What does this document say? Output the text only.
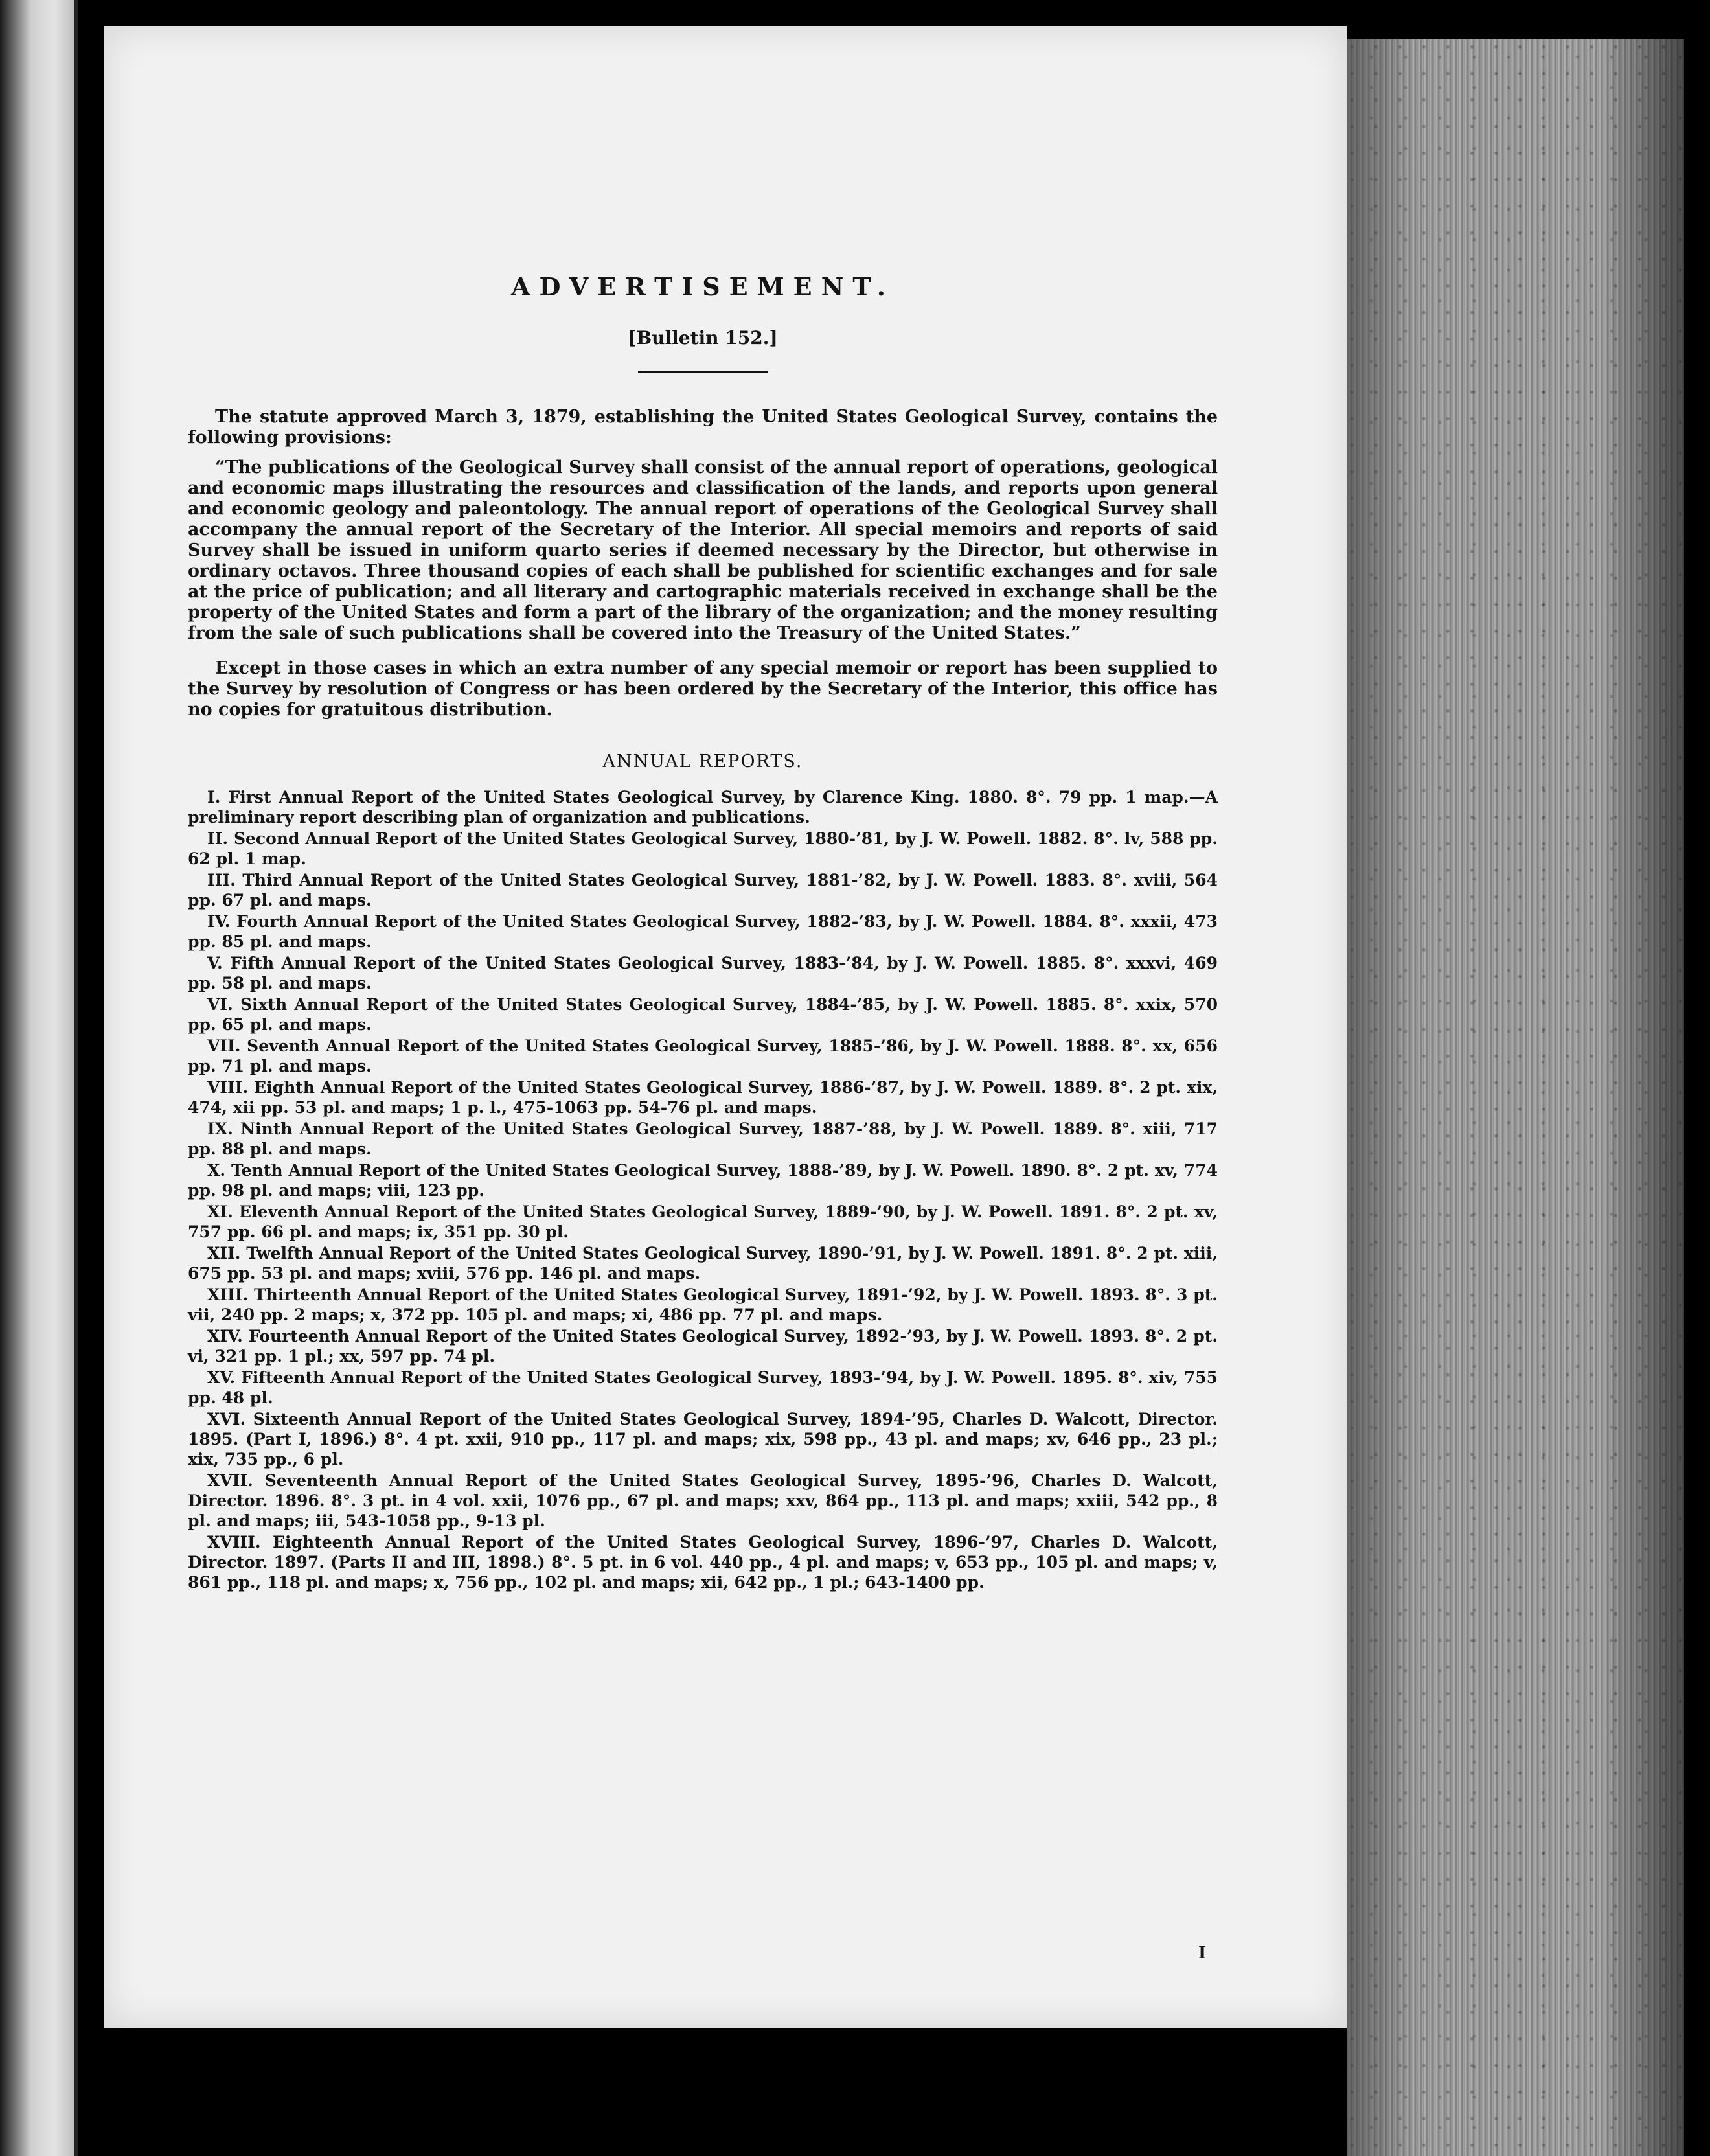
ADVERTISEMENT.
[Bulletin 152.]

The statute approved March 3, 1879, establishing the United States Geological Survey, contains the following provisions:

“The publications of the Geological Survey shall consist of the annual report of operations, geological and economic maps illustrating the resources and classification of the lands, and reports upon general and economic geology and paleontology. The annual report of operations of the Geological Survey shall accompany the annual report of the Secretary of the Interior. All special memoirs and reports of said Survey shall be issued in uniform quarto series if deemed necessary by the Director, but otherwise in ordinary octavos. Three thousand copies of each shall be published for scientific exchanges and for sale at the price of publication; and all literary and cartographic materials received in exchange shall be the property of the United States and form a part of the library of the organization; and the money resulting from the sale of such publications shall be covered into the Treasury of the United States.”

Except in those cases in which an extra number of any special memoir or report has been supplied to the Survey by resolution of Congress or has been ordered by the Secretary of the Interior, this office has no copies for gratuitous distribution.

ANNUAL REPORTS.

I. First Annual Report of the United States Geological Survey, by Clarence King. 1880. 8°. 79 pp. 1 map.—A preliminary report describing plan of organization and publications.

II. Second Annual Report of the United States Geological Survey, 1880-’81, by J. W. Powell. 1882. 8°. lv, 588 pp. 62 pl. 1 map.

III. Third Annual Report of the United States Geological Survey, 1881-’82, by J. W. Powell. 1883. 8°. xviii, 564 pp. 67 pl. and maps.

IV. Fourth Annual Report of the United States Geological Survey, 1882-’83, by J. W. Powell. 1884. 8°. xxxii, 473 pp. 85 pl. and maps.

V. Fifth Annual Report of the United States Geological Survey, 1883-’84, by J. W. Powell. 1885. 8°. xxxvi, 469 pp. 58 pl. and maps.

VI. Sixth Annual Report of the United States Geological Survey, 1884-’85, by J. W. Powell. 1885. 8°. xxix, 570 pp. 65 pl. and maps.

VII. Seventh Annual Report of the United States Geological Survey, 1885-’86, by J. W. Powell. 1888. 8°. xx, 656 pp. 71 pl. and maps.

VIII. Eighth Annual Report of the United States Geological Survey, 1886-’87, by J. W. Powell. 1889. 8°. 2 pt. xix, 474, xii pp. 53 pl. and maps; 1 p. l., 475-1063 pp. 54-76 pl. and maps.

IX. Ninth Annual Report of the United States Geological Survey, 1887-’88, by J. W. Powell. 1889. 8°. xiii, 717 pp. 88 pl. and maps.

X. Tenth Annual Report of the United States Geological Survey, 1888-’89, by J. W. Powell. 1890. 8°. 2 pt. xv, 774 pp. 98 pl. and maps; viii, 123 pp.

XI. Eleventh Annual Report of the United States Geological Survey, 1889-’90, by J. W. Powell. 1891. 8°. 2 pt. xv, 757 pp. 66 pl. and maps; ix, 351 pp. 30 pl.

XII. Twelfth Annual Report of the United States Geological Survey, 1890-’91, by J. W. Powell. 1891. 8°. 2 pt. xiii, 675 pp. 53 pl. and maps; xviii, 576 pp. 146 pl. and maps.

XIII. Thirteenth Annual Report of the United States Geological Survey, 1891-’92, by J. W. Powell. 1893. 8°. 3 pt. vii, 240 pp. 2 maps; x, 372 pp. 105 pl. and maps; xi, 486 pp. 77 pl. and maps.

XIV. Fourteenth Annual Report of the United States Geological Survey, 1892-’93, by J. W. Powell. 1893. 8°. 2 pt. vi, 321 pp. 1 pl.; xx, 597 pp. 74 pl.

XV. Fifteenth Annual Report of the United States Geological Survey, 1893-’94, by J. W. Powell. 1895. 8°. xiv, 755 pp. 48 pl.

XVI. Sixteenth Annual Report of the United States Geological Survey, 1894-’95, Charles D. Walcott, Director. 1895. (Part I, 1896.) 8°. 4 pt. xxii, 910 pp., 117 pl. and maps; xix, 598 pp., 43 pl. and maps; xv, 646 pp., 23 pl.; xix, 735 pp., 6 pl.

XVII. Seventeenth Annual Report of the United States Geological Survey, 1895-’96, Charles D. Walcott, Director. 1896. 8°. 3 pt. in 4 vol. xxii, 1076 pp., 67 pl. and maps; xxv, 864 pp., 113 pl. and maps; xxiii, 542 pp., 8 pl. and maps; iii, 543-1058 pp., 9-13 pl.

XVIII. Eighteenth Annual Report of the United States Geological Survey, 1896-’97, Charles D. Walcott, Director. 1897. (Parts II and III, 1898.) 8°. 5 pt. in 6 vol. 440 pp., 4 pl. and maps; v, 653 pp., 105 pl. and maps; v, 861 pp., 118 pl. and maps; x, 756 pp., 102 pl. and maps; xii, 642 pp., 1 pl.; 643-1400 pp.

I
